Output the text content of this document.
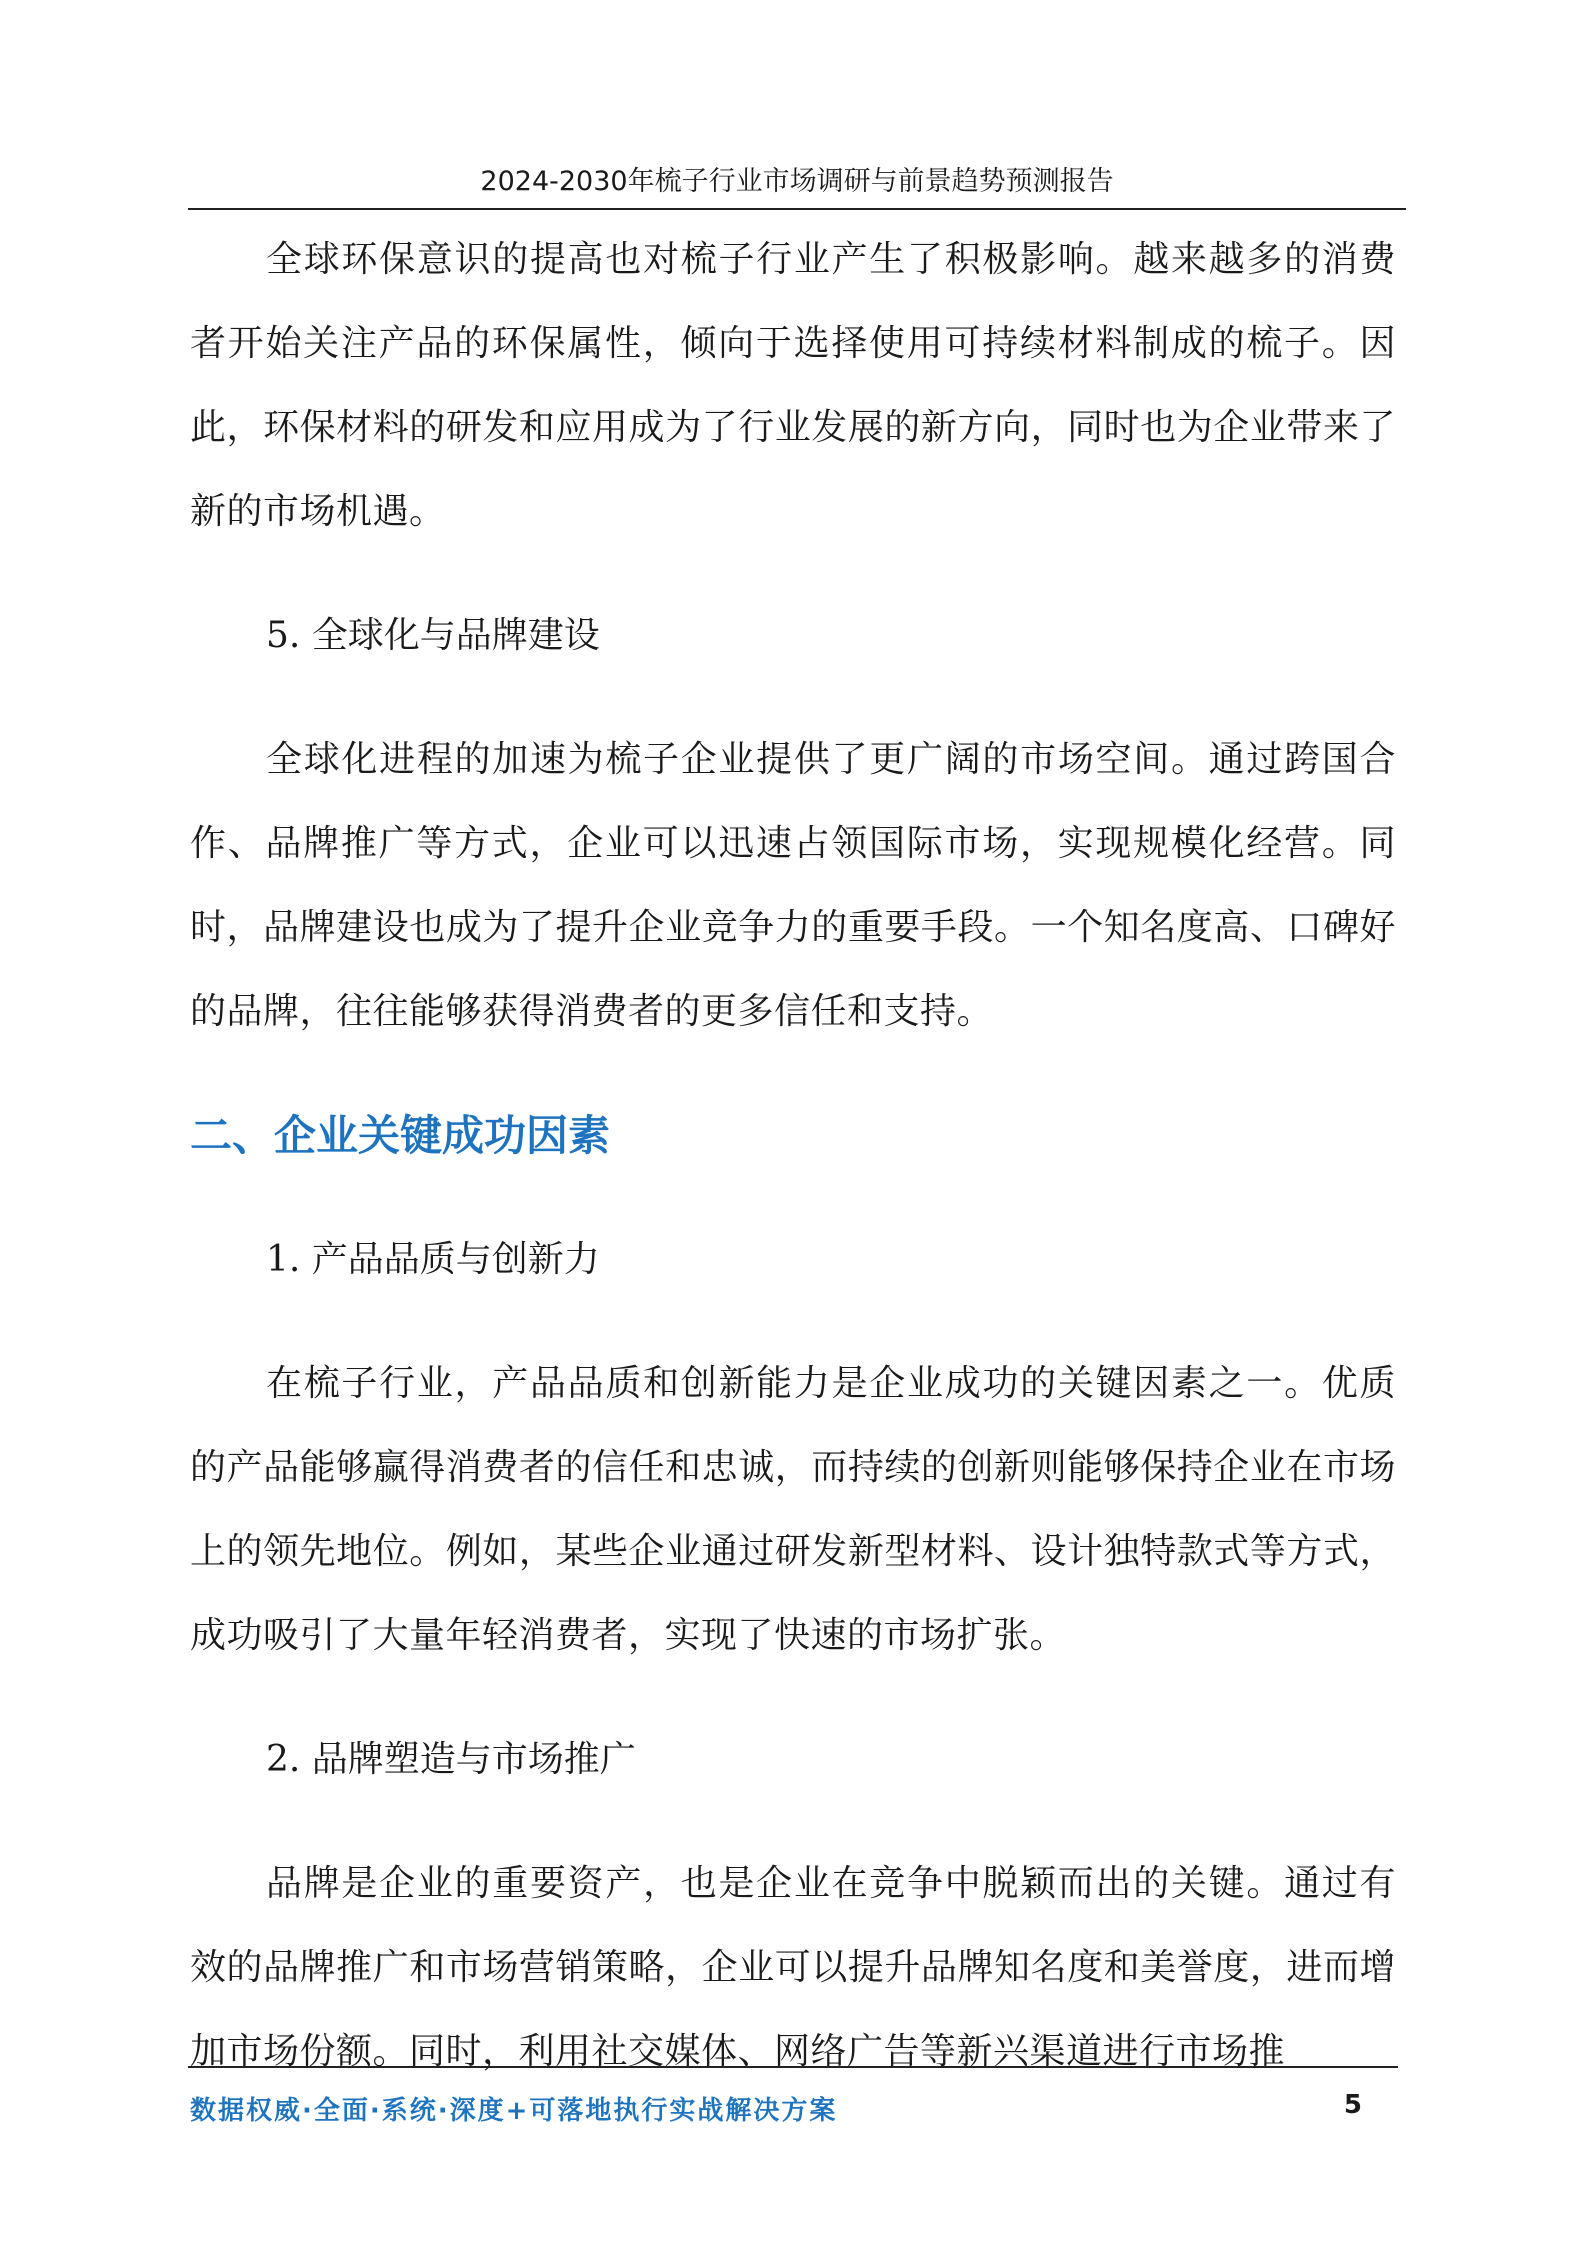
2024-2030年梳子行业市场调研与前景趋势预测报告

全球环保意识的提高也对梳子行业产生了积极影响。越来越多的消费者开始关注产品的环保属性，倾向于选择使用可持续材料制成的梳子。因此，环保材料的研发和应用成为了行业发展的新方向，同时也为企业带来了新的市场机遇。

5. 全球化与品牌建设

全球化进程的加速为梳子企业提供了更广阔的市场空间。通过跨国合作、品牌推广等方式，企业可以迅速占领国际市场，实现规模化经营。同时，品牌建设也成为了提升企业竞争力的重要手段。一个知名度高、口碑好的品牌，往往能够获得消费者的更多信任和支持。

二、企业关键成功因素

1. 产品品质与创新力

在梳子行业，产品品质和创新能力是企业成功的关键因素之一。优质的产品能够赢得消费者的信任和忠诚，而持续的创新则能够保持企业在市场上的领先地位。例如，某些企业通过研发新型材料、设计独特款式等方式，成功吸引了大量年轻消费者，实现了快速的市场扩张。

2. 品牌塑造与市场推广

品牌是企业的重要资产，也是企业在竞争中脱颖而出的关键。通过有效的品牌推广和市场营销策略，企业可以提升品牌知名度和美誉度，进而增加市场份额。同时，利用社交媒体、网络广告等新兴渠道进行市场推

数据权威·全面·系统·深度+可落地执行实战解决方案	5
